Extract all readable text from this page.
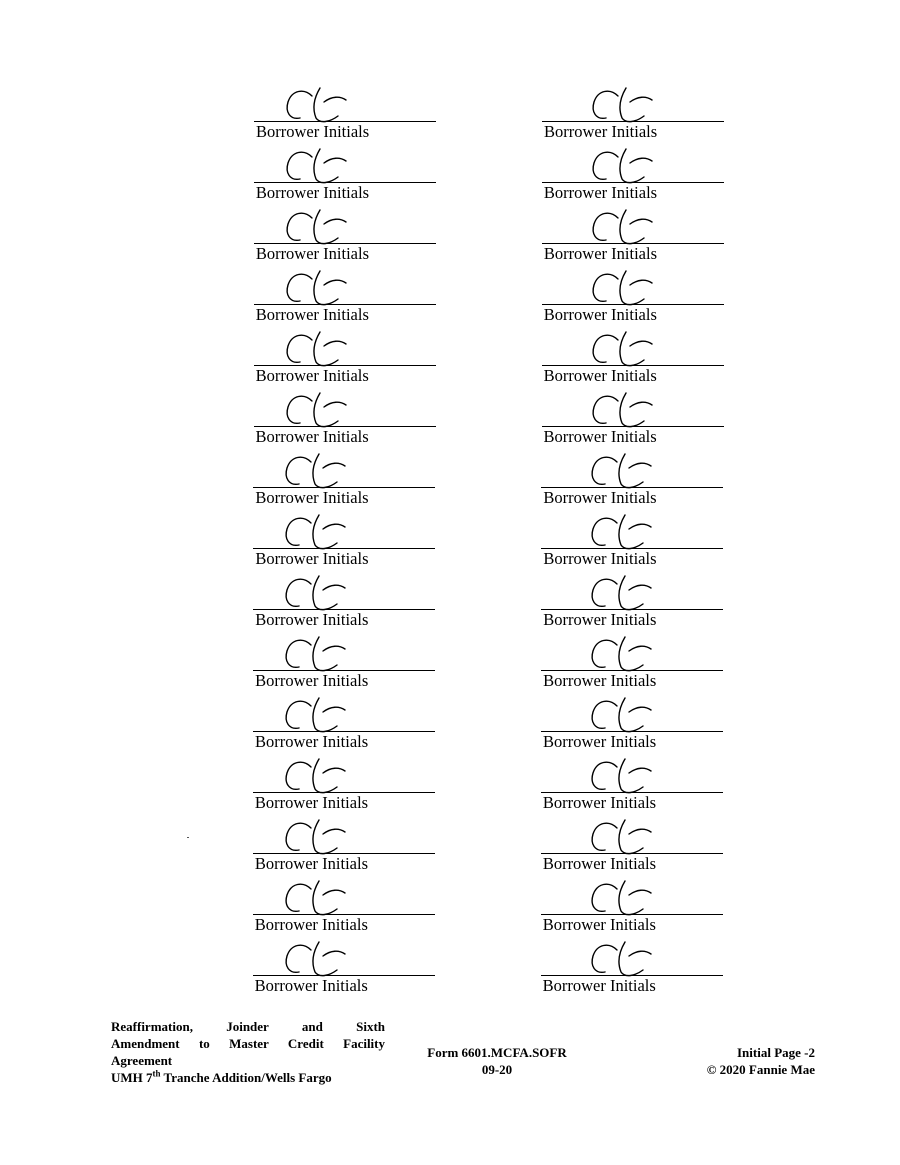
Borrower Initials
Borrower Initials
Borrower Initials
Borrower Initials
Borrower Initials
Borrower Initials
Borrower Initials
Borrower Initials
Borrower Initials
Borrower Initials
Borrower Initials
Borrower Initials
Borrower Initials
Borrower Initials
Borrower Initials
Borrower Initials
Borrower Initials
Borrower Initials
Borrower Initials
Borrower Initials
Borrower Initials
Borrower Initials
Borrower Initials
Borrower Initials
Borrower Initials
Borrower Initials
Borrower Initials
Borrower Initials
Borrower Initials
Borrower Initials
Reaffirmation, Joinder and Sixth
Amendment to Master Credit Facility
Agreement
UMH 7th Tranche Addition/Wells Fargo
Form 6601.MCFA.SOFR
09-20
Initial Page -2
© 2020 Fannie Mae
